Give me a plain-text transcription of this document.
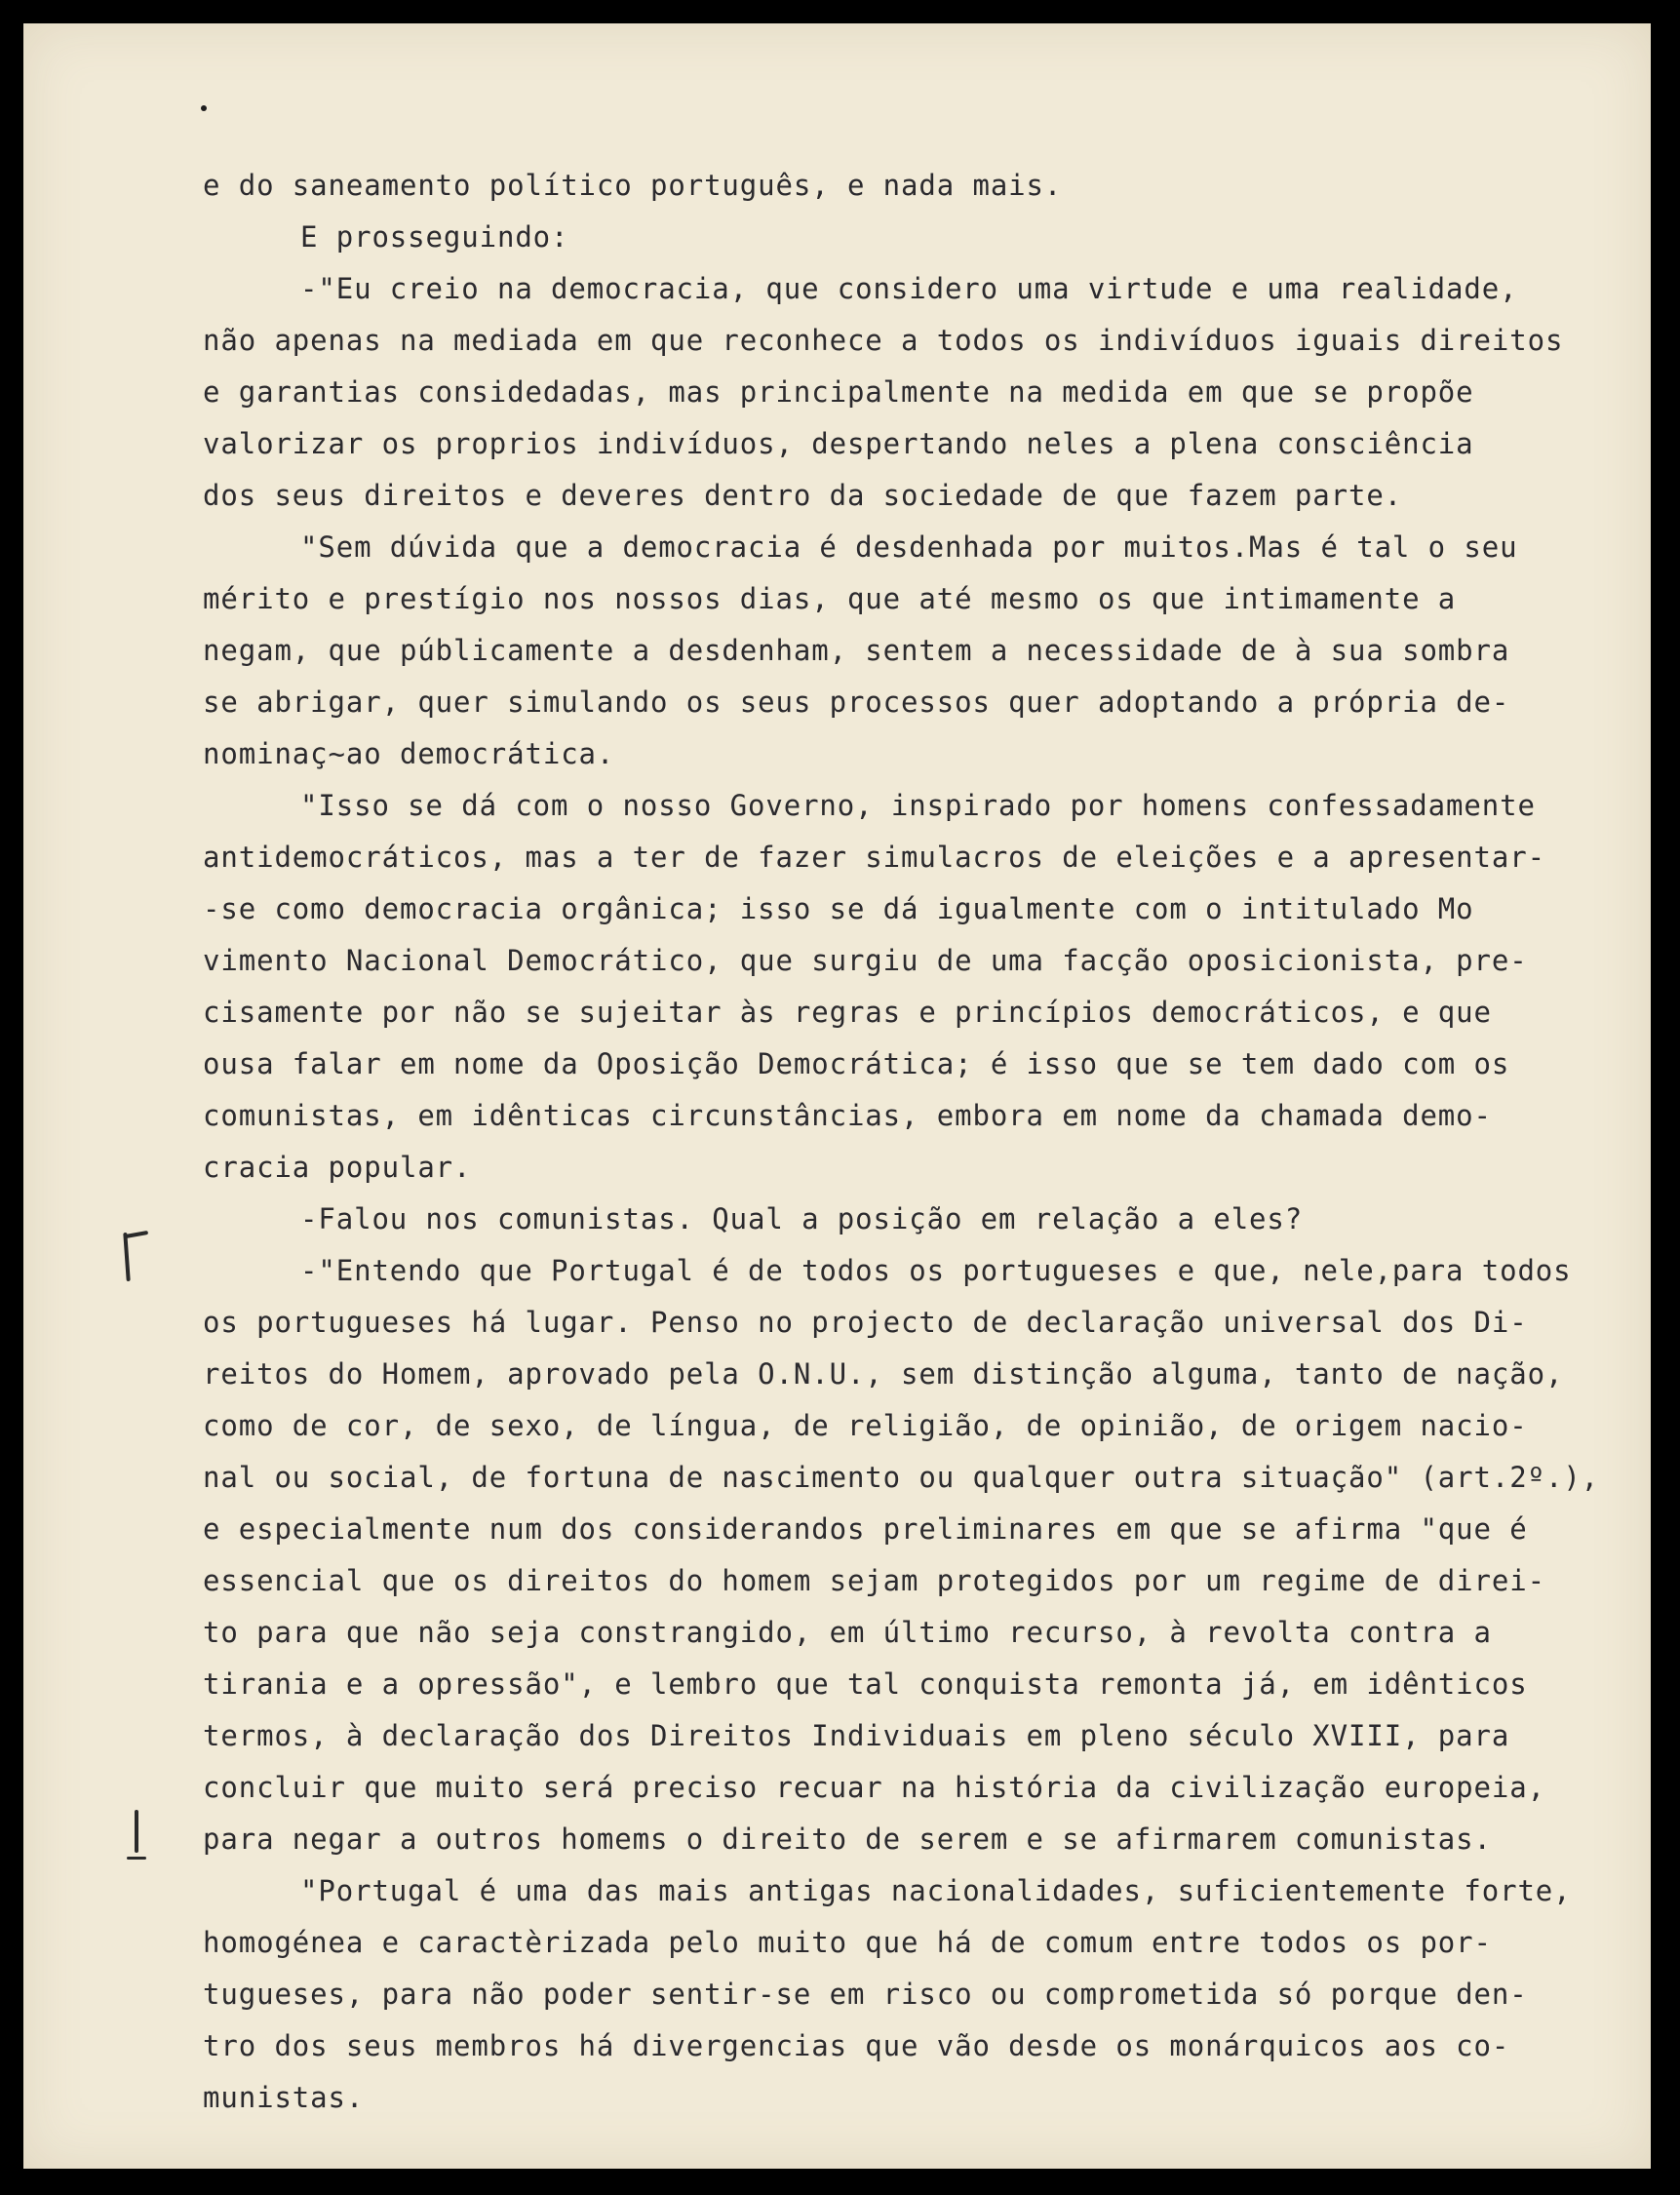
e do saneamento político português, e nada mais.
E prosseguindo:
-"Eu creio na democracia, que considero uma virtude e uma realidade,
não apenas na mediada em que reconhece a todos os indivíduos iguais direitos
e garantias considedadas, mas principalmente na medida em que se propõe
valorizar os proprios indivíduos, despertando neles a plena consciência
dos seus direitos e deveres dentro da sociedade de que fazem parte.
"Sem dúvida que a democracia é desdenhada por muitos.Mas é tal o seu
mérito e prestígio nos nossos dias, que até mesmo os que intimamente a
negam, que públicamente a desdenham, sentem a necessidade de à sua sombra
se abrigar, quer simulando os seus processos quer adoptando a própria de-
nominaç~ao democrática.
"Isso se dá com o nosso Governo, inspirado por homens confessadamente
antidemocráticos, mas a ter de fazer simulacros de eleições e a apresentar-
-se como democracia orgânica; isso se dá igualmente com o intitulado Mo
vimento Nacional Democrático, que surgiu de uma facção oposicionista, pre-
cisamente por não se sujeitar às regras e princípios democráticos, e que
ousa falar em nome da Oposição Democrática; é isso que se tem dado com os
comunistas, em idênticas circunstâncias, embora em nome da chamada demo-
cracia popular.
-Falou nos comunistas. Qual a posição em relação a eles?
-"Entendo que Portugal é de todos os portugueses e que, nele,para todos
os portugueses há lugar. Penso no projecto de declaração universal dos Di-
reitos do Homem, aprovado pela O.N.U., sem distinção alguma, tanto de nação,
como de cor, de sexo, de língua, de religião, de opinião, de origem nacio-
nal ou social, de fortuna de nascimento ou qualquer outra situação" (art.2º.),
e especialmente num dos considerandos preliminares em que se afirma "que é
essencial que os direitos do homem sejam protegidos por um regime de direi-
to para que não seja constrangido, em último recurso, à revolta contra a
tirania e a opressão", e lembro que tal conquista remonta já, em idênticos
termos, à declaração dos Direitos Individuais em pleno século XVIII, para
concluir que muito será preciso recuar na história da civilização europeia,
para negar a outros homems o direito de serem e se afirmarem comunistas.
"Portugal é uma das mais antigas nacionalidades, suficientemente forte,
homogénea e caractèrizada pelo muito que há de comum entre todos os por-
tugueses, para não poder sentir-se em risco ou comprometida só porque den-
tro dos seus membros há divergencias que vão desde os monárquicos aos co-
munistas.
